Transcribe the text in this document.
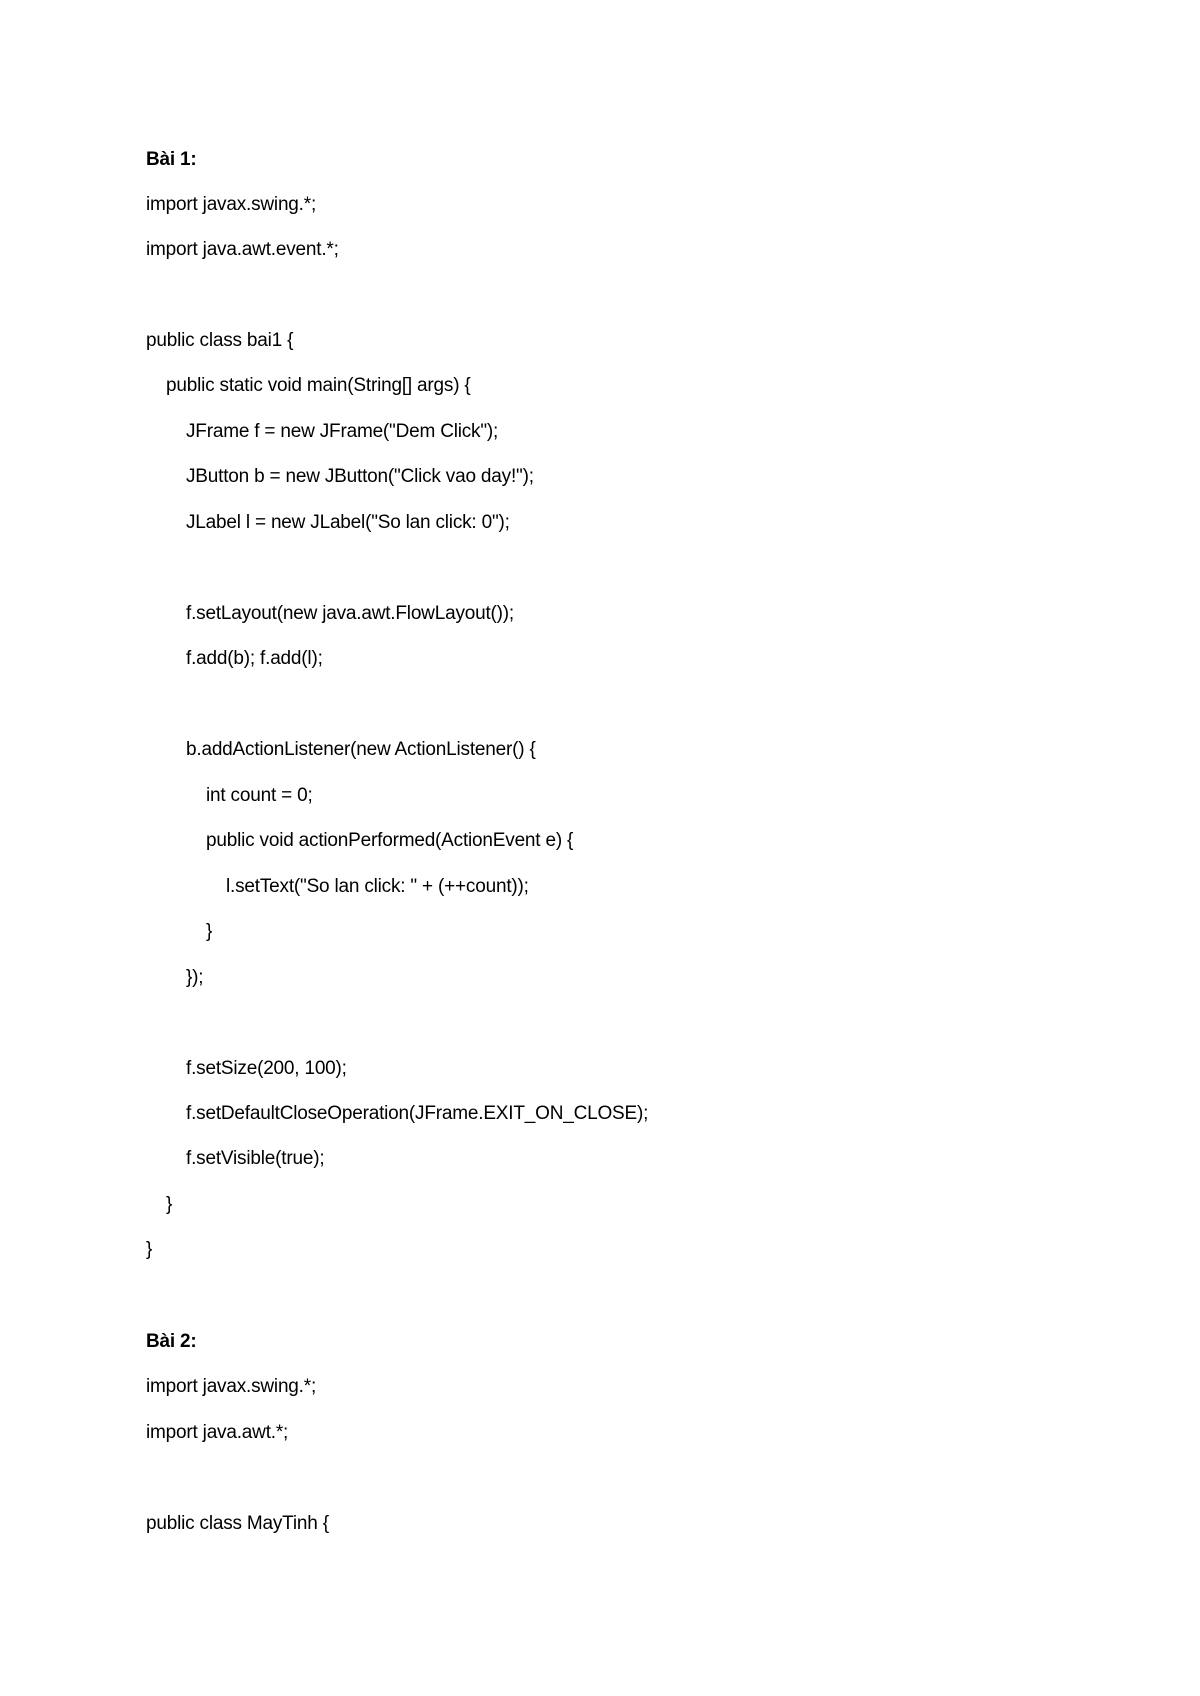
Bài 1:
import javax.swing.*;
import java.awt.event.*;
public class bai1 {
public static void main(String[] args) {
JFrame f = new JFrame("Dem Click");
JButton b = new JButton("Click vao day!");
JLabel l = new JLabel("So lan click: 0");
f.setLayout(new java.awt.FlowLayout());
f.add(b); f.add(l);
b.addActionListener(new ActionListener() {
int count = 0;
public void actionPerformed(ActionEvent e) {
l.setText("So lan click: " + (++count));
}
});
f.setSize(200, 100);
f.setDefaultCloseOperation(JFrame.EXIT_ON_CLOSE);
f.setVisible(true);
}
}
Bài 2:
import javax.swing.*;
import java.awt.*;
public class MayTinh {
